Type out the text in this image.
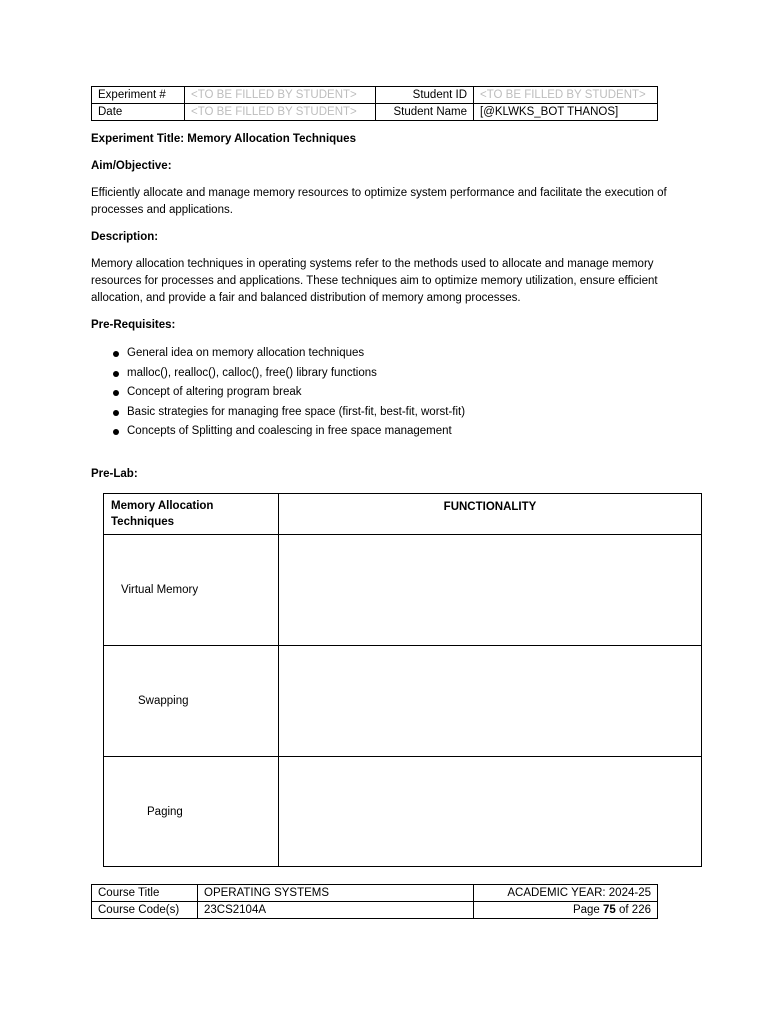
Experiment #	<TO BE FILLED BY STUDENT>	Student ID	<TO BE FILLED BY STUDENT>
Date	<TO BE FILLED BY STUDENT>	Student Name	[@KLWKS_BOT THANOS]

Experiment Title: Memory Allocation Techniques

Aim/Objective:

Efficiently allocate and manage memory resources to optimize system performance and facilitate the execution of processes and applications.

Description:

Memory allocation techniques in operating systems refer to the methods used to allocate and manage memory resources for processes and applications. These techniques aim to optimize memory utilization, ensure efficient allocation, and provide a fair and balanced distribution of memory among processes.

Pre-Requisites:

General idea on memory allocation techniques
malloc(), realloc(), calloc(), free() library functions
Concept of altering program break
Basic strategies for managing free space (first-fit, best-fit, worst-fit)
Concepts of Splitting and coalescing in free space management

Pre-Lab:

Memory Allocation Techniques	FUNCTIONALITY

Virtual Memory	

Swapping	

Paging	

Course Title	OPERATING SYSTEMS	ACADEMIC YEAR: 2024-25
Course Code(s)	23CS2104A	Page 75 of 226
